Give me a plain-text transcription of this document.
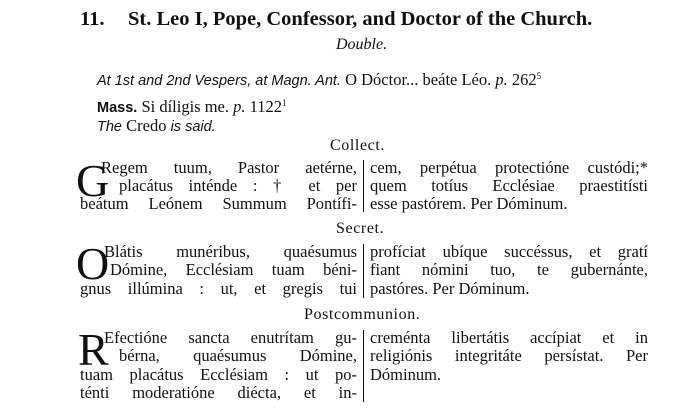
11. St. Leo I, Pope, Confessor, and Doctor of the Church.
Double.
At 1st and 2nd Vespers, at Magn. Ant. O Dóctor... beáte Léo. p. $262^5$
Mass. Si díligis me. p. 1122$^1$
The Credo is said.
Collect.
G
Regem tuum, Pastor aetérne,
placátus inténde : † et per
beátum Leónem Summum Pontífi-
cem, perpétua protectióne custódi;*
quem totíus Ecclésiae praestitísti
esse pastórem. Per Dóminum.
Secret.
O
Blátis munéribus, quaésumus
Dómine, Ecclésiam tuam béni-
gnus illúmina : ut, et gregis tui
profíciat ubíque succéssus, et gratí
fiant nómini tuo, te gubernánte,
pastóres. Per Dóminum.
Postcommunion.
R
Efectióne sancta enutrítam gu-
bérna, quaésumus Dómine,
tuam placátus Ecclésiam : ut po-
ténti moderatióne diécta, et in-
creménta libertátis accípiat et in
religiónis integritáte persístat. Per
Dóminum.
